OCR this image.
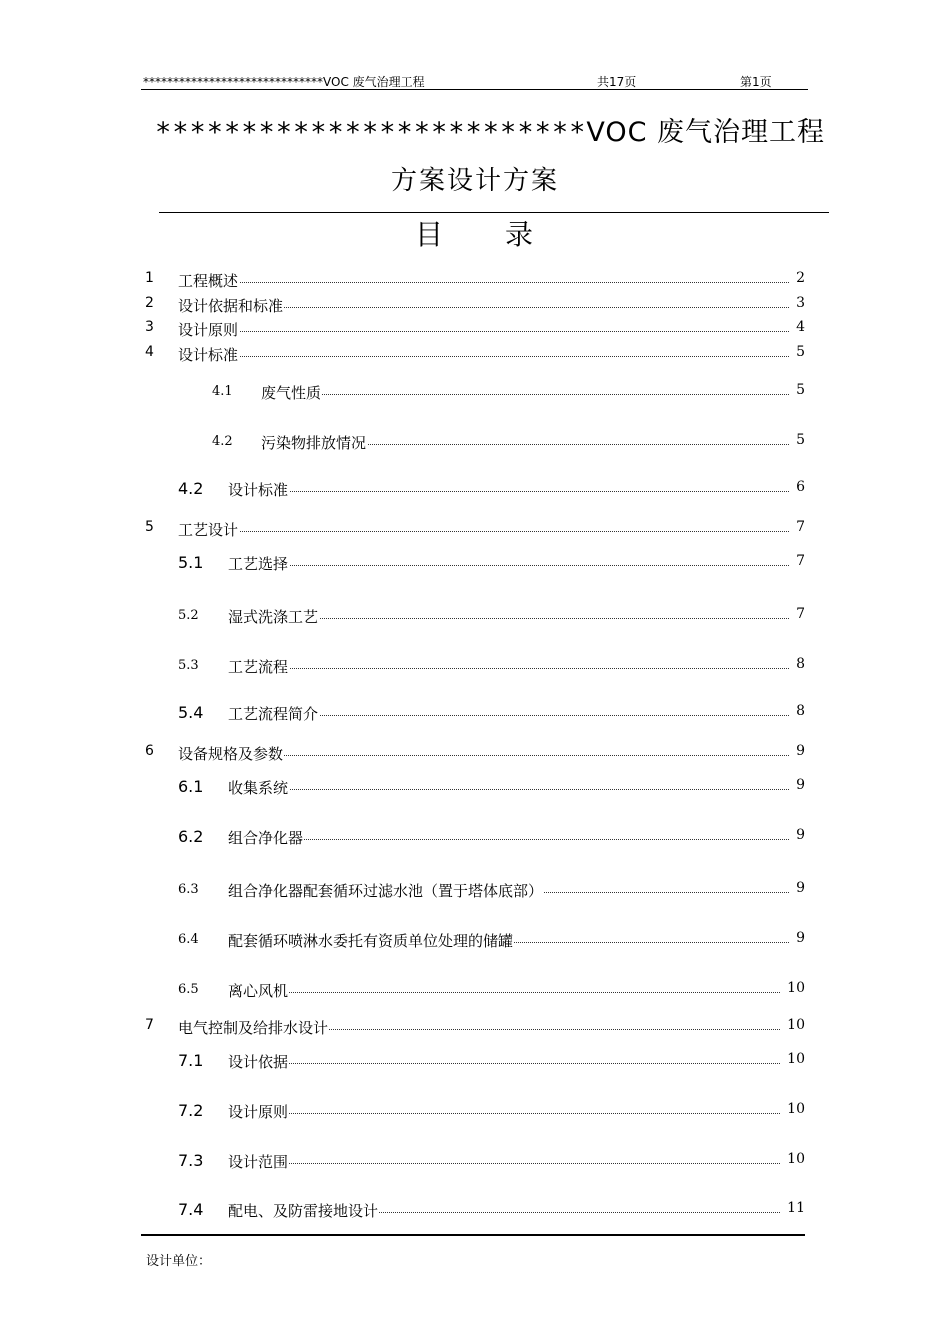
******************************VOC 废气治理工程	共17页	第1页
*************************VOC 废气治理工程
方案设计方案
目　　录
1 工程概述	2
2 设计依据和标准	3
3 设计原则	4
4 设计标准	5
4.1 废气性质	5
4.2 污染物排放情况	5
4.2 设计标准	6
5 工艺设计	7
5.1 工艺选择	7
5.2 湿式洗涤工艺	7
5.3 工艺流程	8
5.4 工艺流程简介	8
6 设备规格及参数	9
6.1 收集系统	9
6.2 组合净化器	9
6.3 组合净化器配套循环过滤水池（置于塔体底部）	9
6.4 配套循环喷淋水委托有资质单位处理的储罐	9
6.5 离心风机	10
7 电气控制及给排水设计	10
7.1 设计依据	10
7.2 设计原则	10
7.3 设计范围	10
7.4 配电、及防雷接地设计	11
设计单位：
